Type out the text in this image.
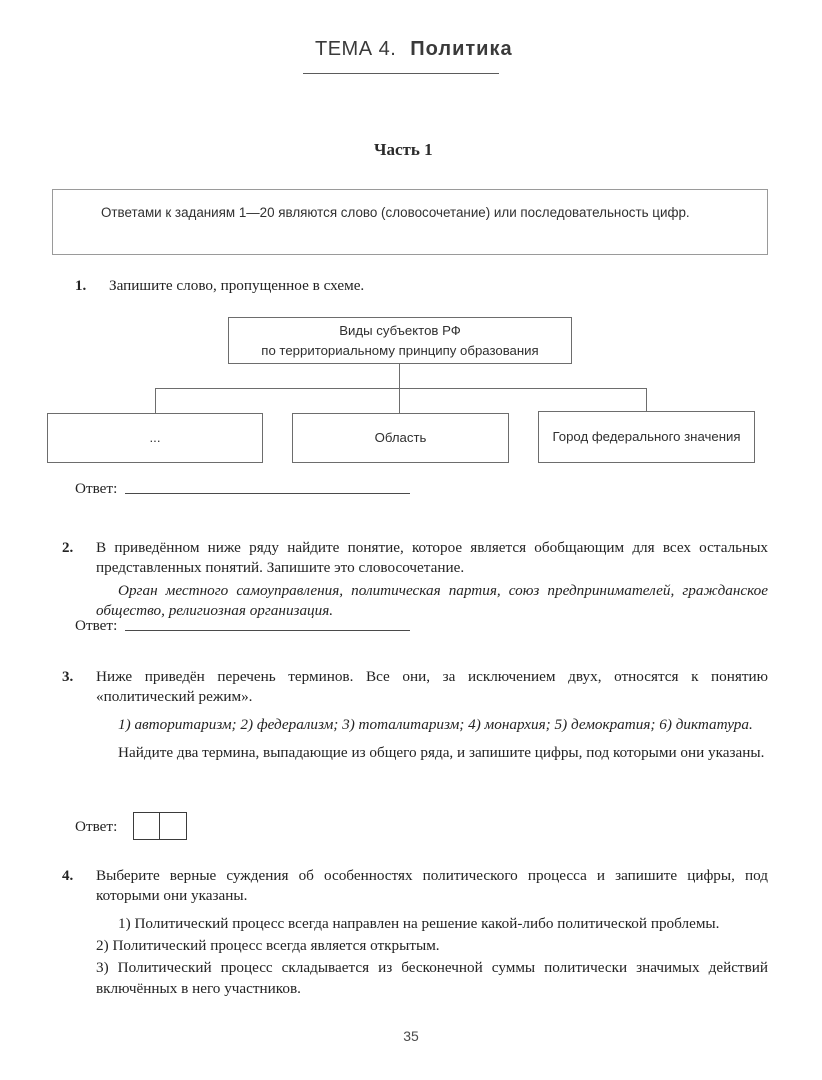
ТЕМА 4. Политика
Часть 1

Ответами к заданиям 1—20 являются слово (словосочетание) или последовательность цифр.

1. Запишите слово, пропущенное в схеме.

Виды субъектов РФ
по территориальному принципу образования
...	Область	Город федерального значения
Ответ:
2. В приведённом ниже ряду найдите понятие, которое является обобщающим для всех остальных представленных понятий. Запишите это словосочетание.

Орган местного самоуправления, политическая партия, союз предпринимателей, гражданское общество, религиозная организация.

Ответ:
3. Ниже приведён перечень терминов. Все они, за исключением двух, относятся к понятию «политический режим».

1) авторитаризм; 2) федерализм; 3) тоталитаризм; 4) монархия; 5) демократия; 6) диктатура.

Найдите два термина, выпадающие из общего ряда, и запишите цифры, под которыми они указаны.

Ответ:
4. Выберите верные суждения об особенностях политического процесса и запишите цифры, под которыми они указаны.

1) Политический процесс всегда направлен на решение какой-либо политической проблемы.

2) Политический процесс всегда является открытым.

3) Политический процесс складывается из бесконечной суммы политически значимых действий включённых в него участников.

35
